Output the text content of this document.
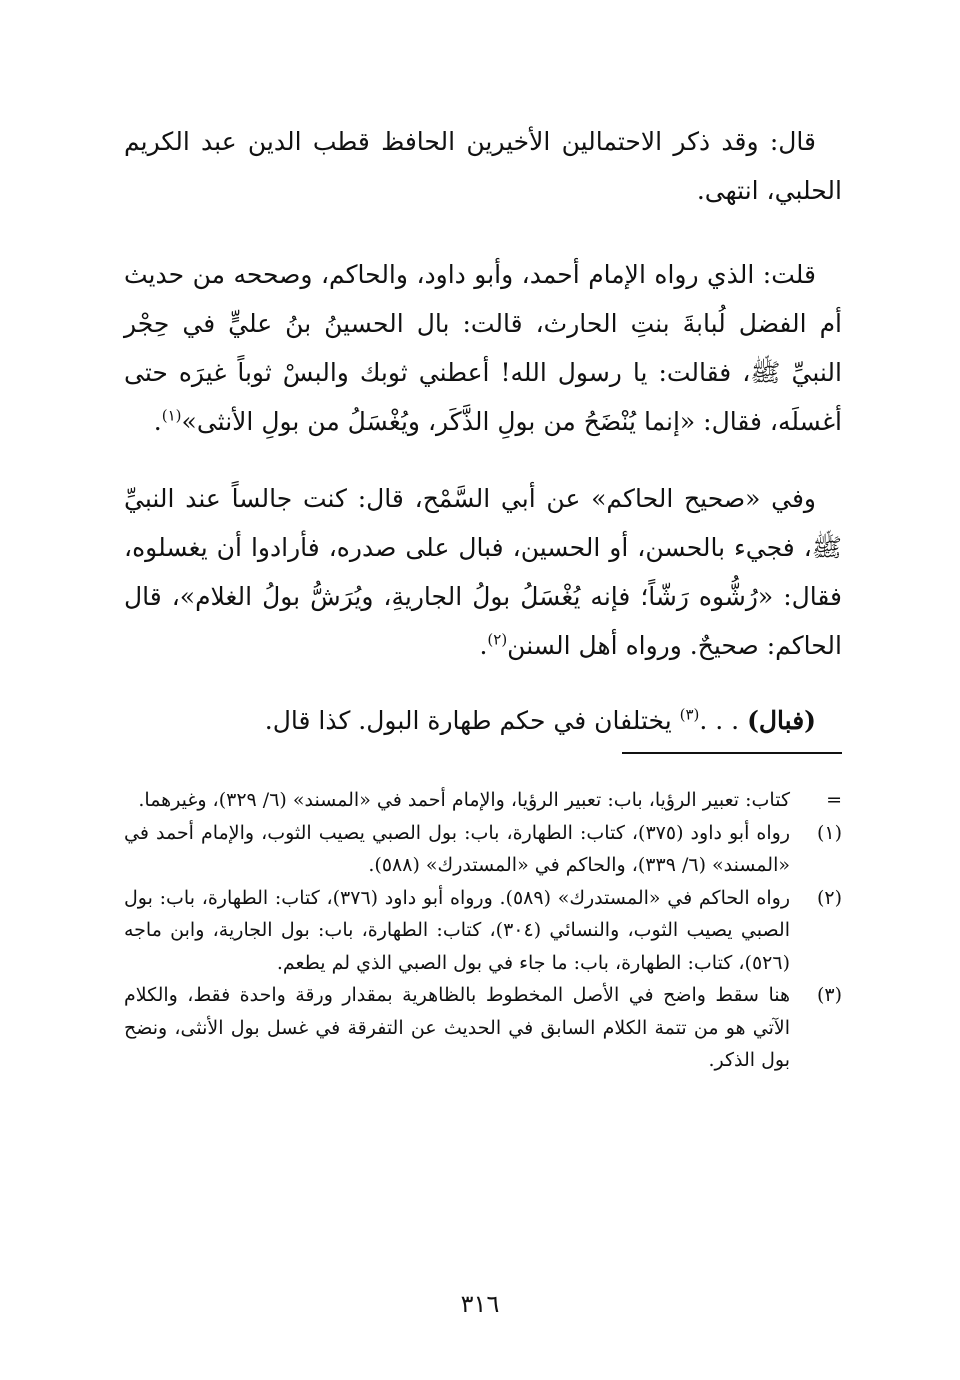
قال: وقد ذكر الاحتمالين الأخيرين الحافظ قطب الدين عبد الكريم الحلبي، انتهى.

قلت: الذي رواه الإمام أحمد، وأبو داود، والحاكم، وصححه من حديث أم الفضل لُبابةَ بنتِ الحارث، قالت: بال الحسينُ بنُ عليٍّ في حِجْر النبيِّ ﷺ، فقالت: يا رسول الله! أعطني ثوبك والبسْ ثوباً غيرَه حتى أغسلَه، فقال: «إنما يُنْضَحُ من بولِ الذَّكَر، ويُغْسَلُ من بولِ الأنثى»$^{(١)}$.

وفي «صحيح الحاكم» عن أبي السَّمْح، قال: كنت جالساً عند النبيِّ ﷺ، فجيء بالحسن، أو الحسين، فبال على صدره، فأرادوا أن يغسلوه، فقال: «رُشُّوه رَشّاً؛ فإنه يُغْسَلُ بولُ الجاريةِ، ويُرَشُّ بولُ الغلام»، قال الحاكم: صحيحٌ. ورواه أهل السنن$^{(٢)}$.

(فبال) . . .$^{(٣)}$ يختلفان في حكم طهارة البول. كذا قال.

=
كتاب: تعبير الرؤيا، باب: تعبير الرؤيا، والإمام أحمد في «المسند» (٦/ ٣٢٩)، وغيرهما.
(١)
رواه أبو داود (٣٧٥)، كتاب: الطهارة، باب: بول الصبي يصيب الثوب، والإمام أحمد في «المسند» (٦/ ٣٣٩)، والحاكم في «المستدرك» (٥٨٨).
(٢)
رواه الحاكم في «المستدرك» (٥٨٩). ورواه أبو داود (٣٧٦)، كتاب: الطهارة، باب: بول الصبي يصيب الثوب، والنسائي (٣٠٤)، كتاب: الطهارة، باب: بول الجارية، وابن ماجه (٥٢٦)، كتاب: الطهارة، باب: ما جاء في بول الصبي الذي لم يطعم.
(٣)
هنا سقط واضح في الأصل المخطوط بالظاهرية بمقدار ورقة واحدة فقط، والكلام الآتي هو من تتمة الكلام السابق في الحديث عن التفرقة في غسل بول الأنثى، ونضح بول الذكر.
٣١٦
